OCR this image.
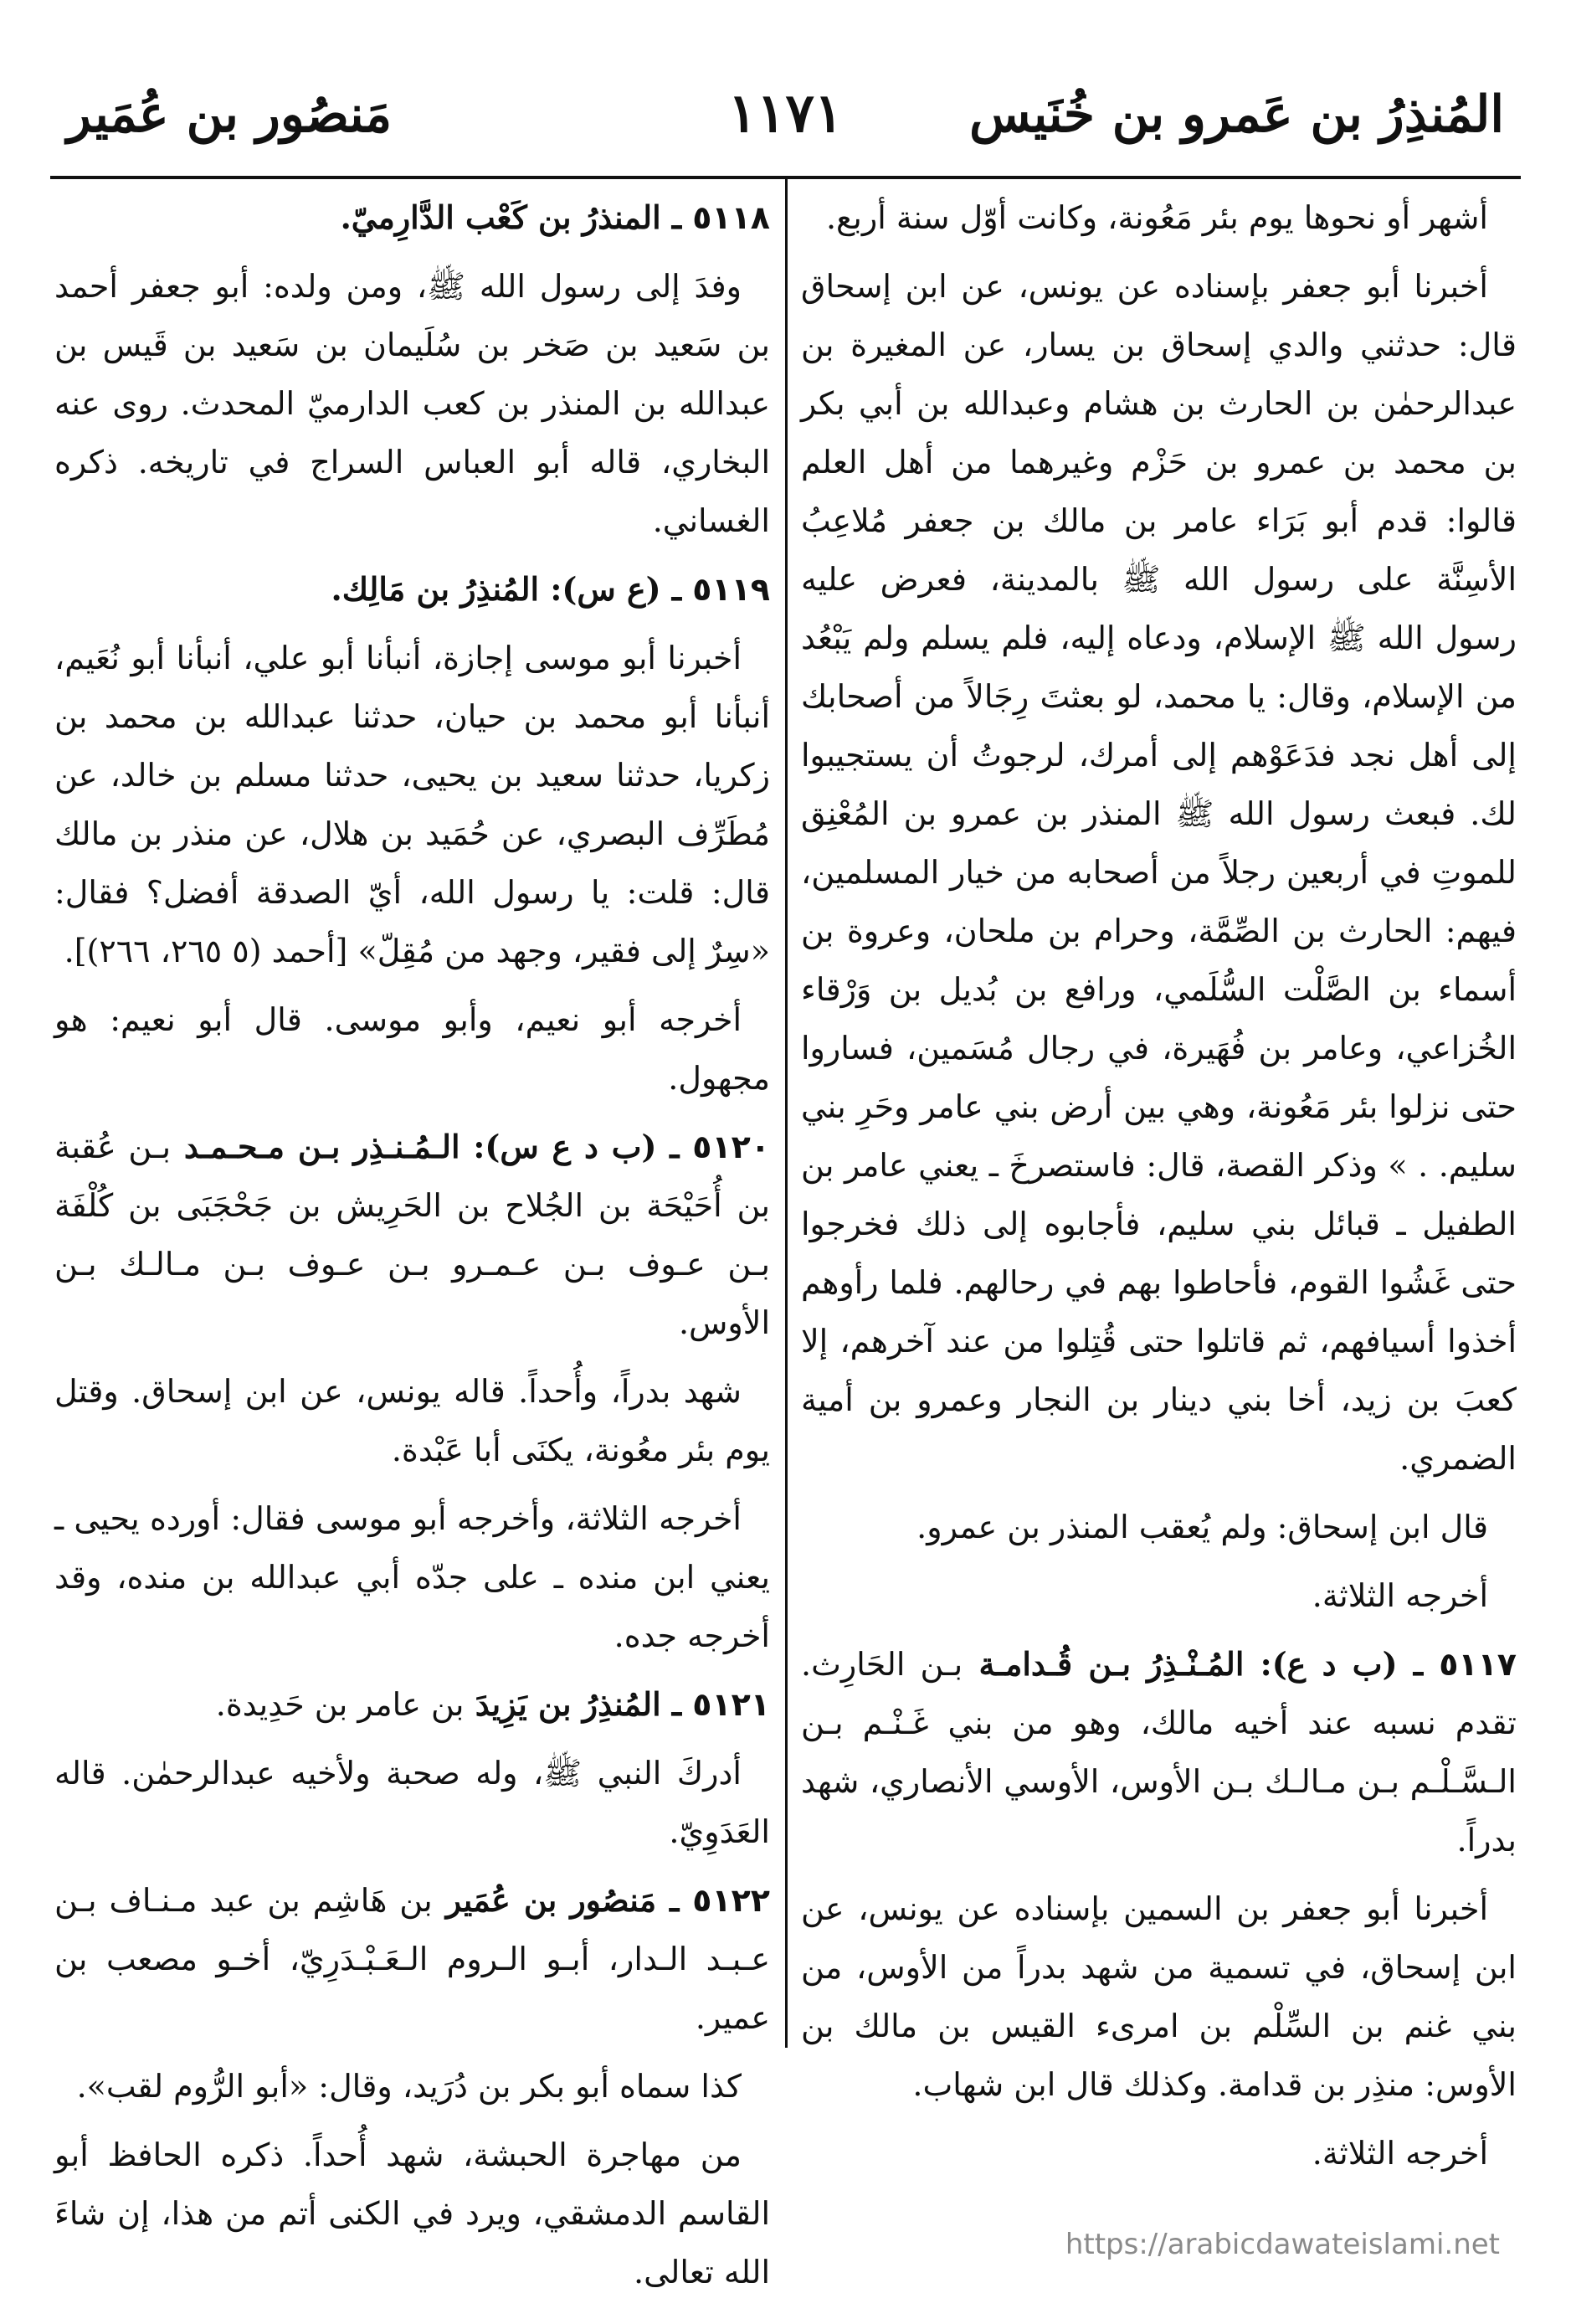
المُنذِرُ بن عَمرو بن خُنَيس
١١٧١
مَنصُور بن عُمَير

أشهر أو نحوها يوم بئر مَعُونة، وكانت أوّل سنة أربع.

أخبرنا أبو جعفر بإسناده عن يونس، عن ابن إسحاق قال: حدثني والدي إسحاق بن يسار، عن المغيرة بن عبدالرحمٰن بن الحارث بن هشام وعبدالله بن أبي بكر بن محمد بن عمرو بن حَزْم وغيرهما من أهل العلم قالوا: قدم أبو بَرَاء عامر بن مالك بن جعفر مُلاعِبُ الأسِنَّة على رسول الله ﷺ بالمدينة، فعرض عليه رسول الله ﷺ الإسلام، ودعاه إليه، فلم يسلم ولم يَبْعُد من الإسلام، وقال: يا محمد، لو بعثتَ رِجَالاً من أصحابك إلى أهل نجد فدَعَوْهم إلى أمرك، لرجوتُ أن يستجيبوا لك. فبعث رسول الله ﷺ المنذر بن عمرو بن المُعْنِق للموتِ في أربعين رجلاً من أصحابه من خيار المسلمين، فيهم: الحارث بن الصِّمَّة، وحرام بن ملحان، وعروة بن أسماء بن الصَّلْت السُّلَمي، ورافع بن بُديل بن وَرْقاء الخُزاعي، وعامر بن فُهَيرة، في رجال مُسَمين، فساروا حتى نزلوا بئر مَعُونة، وهي بين أرض بني عامر وحَرِ بني سليم. . » وذكر القصة، قال: فاستصرخَ ـ يعني عامر بن الطفيل ـ قبائل بني سليم، فأجابوه إلى ذلك فخرجوا حتى غَشُوا القوم، فأحاطوا بهم في رحالهم. فلما رأوهم أخذوا أسيافهم، ثم قاتلوا حتى قُتِلوا من عند آخرهم، إلا كعبَ بن زيد، أخا بني دينار بن النجار وعمرو بن أمية الضمري.

قال ابن إسحاق: ولم يُعقب المنذر بن عمرو.

أخرجه الثلاثة.

٥١١٧ ـ (ب د ع): المُـنْـذِرُ بـن قُـدامـة بـن الحَارِث. تقدم نسبه عند أخيه مالك، وهو من بني غَـنْـم بـن الـسَّـلْـم بـن مـالـك بـن الأوس، الأوسي الأنصاري، شهد بدراً.

أخبرنا أبو جعفر بن السمين بإسناده عن يونس، عن ابن إسحاق، في تسمية من شهد بدراً من الأوس، من بني غنم بن السِّلْم بن امرىء القيس بن مالك بن الأوس: منذِر بن قدامة. وكذلك قال ابن شهاب.

أخرجه الثلاثة.

٥١١٨ ـ المنذرُ بن كَعْب الدَّارِميّ.

وفدَ إلى رسول الله ﷺ، ومن ولده: أبو جعفر أحمد بن سَعيد بن صَخر بن سُلَيمان بن سَعيد بن قَيس بن عبدالله بن المنذر بن كعب الدارميّ المحدث. روى عنه البخاري، قاله أبو العباس السراج في تاريخه. ذكره الغساني.

٥١١٩ ـ (ع س): المُنذِرُ بن مَالِك.

أخبرنا أبو موسى إجازة، أنبأنا أبو علي، أنبأنا أبو نُعَيم، أنبأنا أبو محمد بن حيان، حدثنا عبدالله بن محمد بن زكريا، حدثنا سعيد بن يحيى، حدثنا مسلم بن خالد، عن مُطَرِّف البصري، عن حُمَيد بن هلال، عن منذر بن مالك قال: قلت: يا رسول الله، أيّ الصدقة أفضل؟ فقال: «سِرٌ إلى فقير، وجهد من مُقِلّ» [أحمد (٥ ٢٦٥، ٢٦٦)].

أخرجه أبو نعيم، وأبو موسى. قال أبو نعيم: هو مجهول.

٥١٢٠ ـ (ب د ع س): الـمُـنـذِر بـن مـحـمـد بـن عُقبة بن أُحَيْحَة بن الجُلاح بن الحَرِيش بن جَحْجَبَى بن كُلْفَة بـن عـوف بـن عـمـرو بـن عـوف بـن مـالـك بـن الأوس.

شهد بدراً، وأُحداً. قاله يونس، عن ابن إسحاق. وقتل يوم بئر معُونة، يكنَى أبا عَبْدة.

أخرجه الثلاثة، وأخرجه أبو موسى فقال: أورده يحيى ـ يعني ابن منده ـ على جدّه أبي عبدالله بن منده، وقد أخرجه جده.

٥١٢١ ـ المُنذِرُ بن يَزِيدَ بن عامر بن حَدِيدة.

أدركَ النبي ﷺ، وله صحبة ولأخيه عبدالرحمٰن. قاله العَدَوِيّ.

٥١٢٢ ـ مَنصُور بن عُمَير بن هَاشِم بن عبد مـنـاف بـن عـبـد الـدار، أبـو الـروم الـعَـبْـدَرِيّ، أخـو مصعب بن عمير.

كذا سماه أبو بكر بن دُرَيد، وقال: «أبو الرُّوم لقب».

من مهاجرة الحبشة، شهد أُحداً. ذكره الحافظ أبو القاسم الدمشقي، ويرد في الكنى أتم من هذا، إن شاءَ الله تعالى.

https://arabicdawateislami.net
